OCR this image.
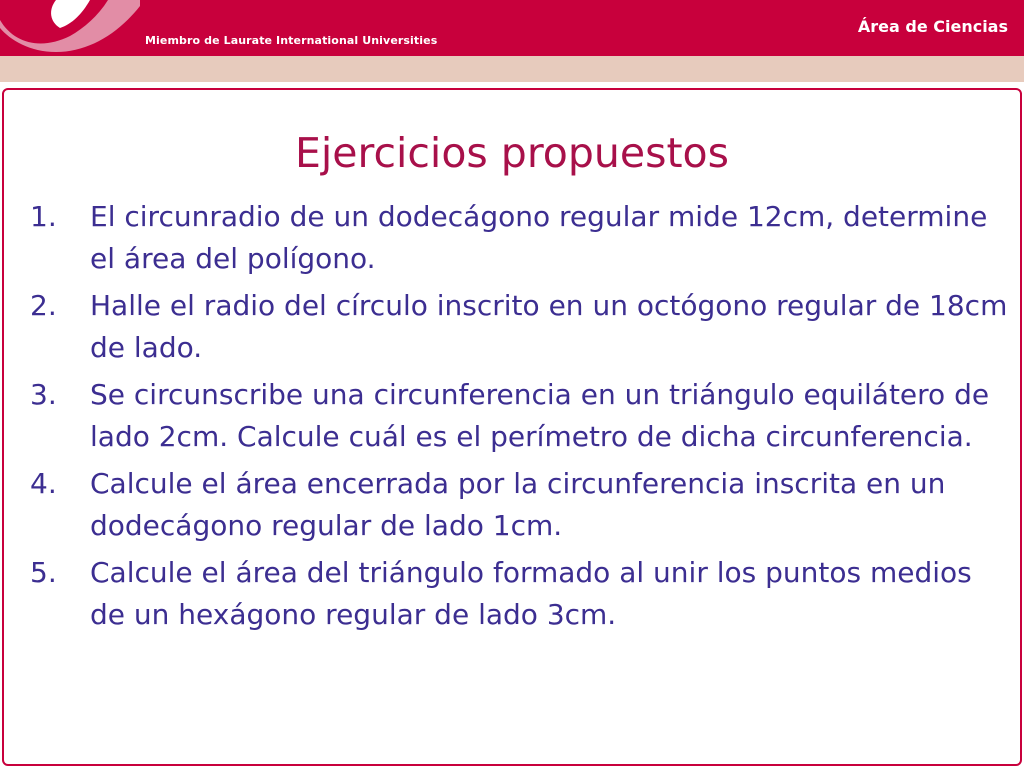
Miembro de Laurate International Universities
Área de Ciencias
Ejercicios propuestos
1. El circunradio de un dodecágono regular mide 12cm, determine el área del polígono.
2. Halle el radio del círculo inscrito en un octógono regular de 18cm de lado.
3. Se circunscribe una circunferencia en un triángulo equilátero de lado 2cm. Calcule cuál es el perímetro de dicha circunferencia.
4. Calcule el área encerrada por la circunferencia inscrita en un dodecágono regular de lado 1cm.
5. Calcule el área del triángulo formado al unir los puntos medios de un hexágono regular de lado 3cm.
